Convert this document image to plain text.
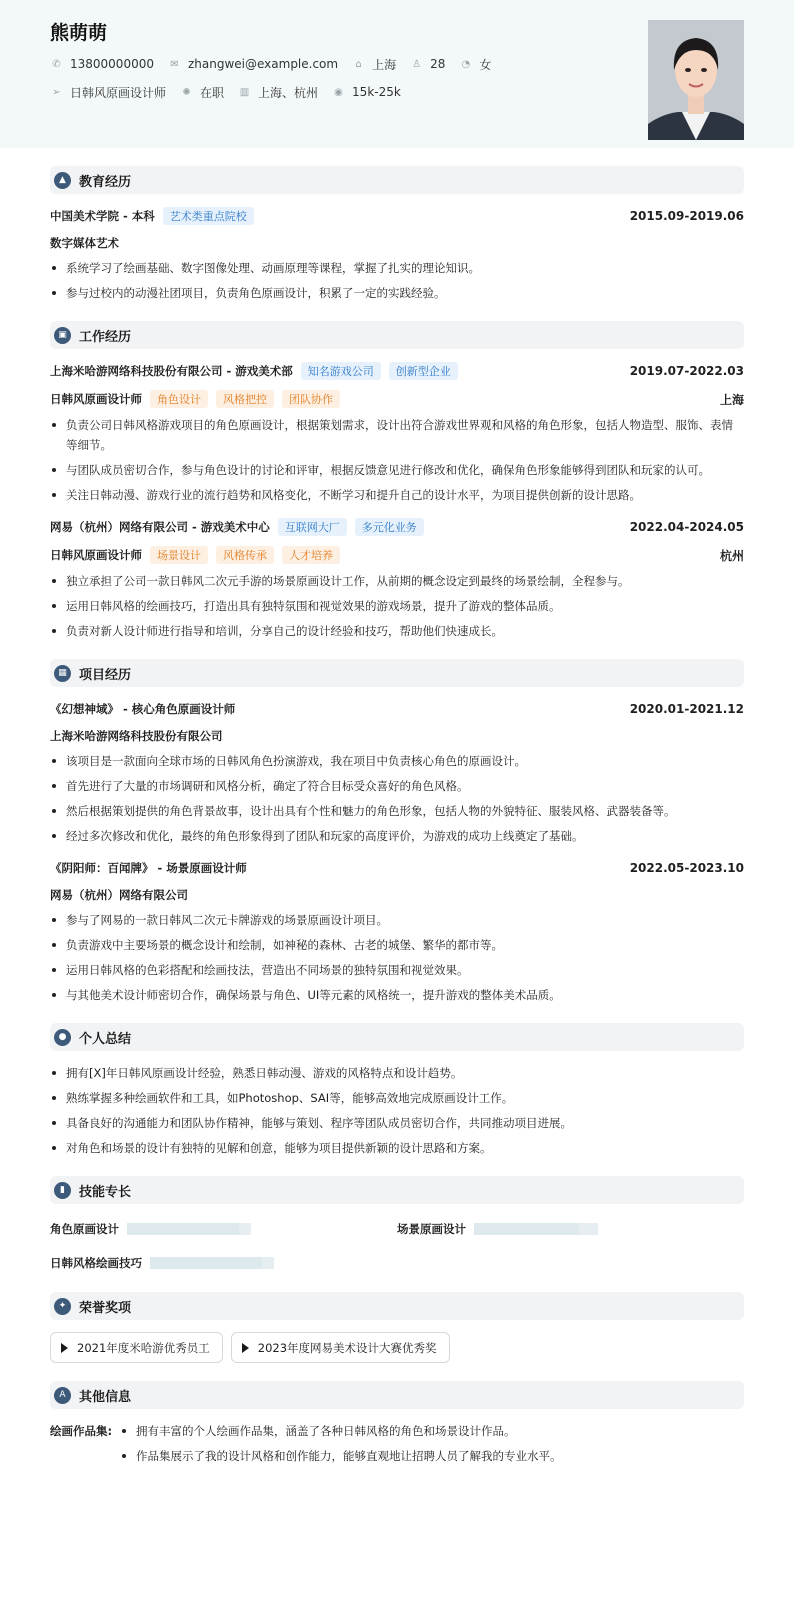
熊萌萌
✆ 13800000000 ✉ zhangwei@example.com	⌂ 上海 ♙ 28 ◔ 女
➢ 日韩风原画设计师 ✺ 在职 ▥ 上海、杭州 ◉ 15k-25k
▲	教育经历
中国美术学院 - 本科	艺术类重点院校	2015.09-2019.06
数字媒体艺术
系统学习了绘画基础、数字图像处理、动画原理等课程，掌握了扎实的理论知识。
参与过校内的动漫社团项目，负责角色原画设计，积累了一定的实践经验。
▣ 工作经历
上海米哈游网络科技股份有限公司 - 游戏美术部	知名游戏公司	创新型企业	2019.07-2022.03
日韩风原画设计师	角色设计	风格把控	团队协作	上海
负责公司日韩风格游戏项目的角色原画设计，根据策划需求，设计出符合游戏世界观和风格的角色形象，包括人物造型、服饰、表情等细节。
与团队成员密切合作，参与角色设计的讨论和评审，根据反馈意见进行修改和优化，确保角色形象能够得到团队和玩家的认可。
关注日韩动漫、游戏行业的流行趋势和风格变化，不断学习和提升自己的设计水平，为项目提供创新的设计思路。
网易（杭州）网络有限公司 - 游戏美术中心	互联网大厂	多元化业务	2022.04-2024.05
日韩风原画设计师	场景设计	风格传承	人才培养	杭州
独立承担了公司一款日韩风二次元手游的场景原画设计工作，从前期的概念设定到最终的场景绘制，全程参与。
运用日韩风格的绘画技巧，打造出具有独特氛围和视觉效果的游戏场景，提升了游戏的整体品质。
负责对新人设计师进行指导和培训，分享自己的设计经验和技巧，帮助他们快速成长。
▦ 项目经历
《幻想神域》 - 核心角色原画设计师	2020.01-2021.12
上海米哈游网络科技股份有限公司
该项目是一款面向全球市场的日韩风角色扮演游戏，我在项目中负责核心角色的原画设计。
首先进行了大量的市场调研和风格分析，确定了符合目标受众喜好的角色风格。
然后根据策划提供的角色背景故事，设计出具有个性和魅力的角色形象，包括人物的外貌特征、服装风格、武器装备等。
经过多次修改和优化，最终的角色形象得到了团队和玩家的高度评价，为游戏的成功上线奠定了基础。
《阴阳师：百闻牌》 - 场景原画设计师	2022.05-2023.10
网易（杭州）网络有限公司
参与了网易的一款日韩风二次元卡牌游戏的场景原画设计项目。
负责游戏中主要场景的概念设计和绘制，如神秘的森林、古老的城堡、繁华的都市等。
运用日韩风格的色彩搭配和绘画技法，营造出不同场景的独特氛围和视觉效果。
与其他美术设计师密切合作，确保场景与角色、UI等元素的风格统一，提升游戏的整体美术品质。
● 个人总结
拥有[X]年日韩风原画设计经验，熟悉日韩动漫、游戏的风格特点和设计趋势。
熟练掌握多种绘画软件和工具，如Photoshop、SAI等，能够高效地完成原画设计工作。
具备良好的沟通能力和团队协作精神，能够与策划、程序等团队成员密切合作，共同推动项目进展。
对角色和场景的设计有独特的见解和创意，能够为项目提供新颖的设计思路和方案。
▮	技能专长
角色原画设计	场景原画设计
日韩风格绘画技巧
✦ 荣誉奖项
2021年度米哈游优秀员工	2023年度网易美术设计大赛优秀奖
A	其他信息
绘画作品集:	拥有丰富的个人绘画作品集，涵盖了各种日韩风格的角色和场景设计作品。
作品集展示了我的设计风格和创作能力，能够直观地让招聘人员了解我的专业水平。
